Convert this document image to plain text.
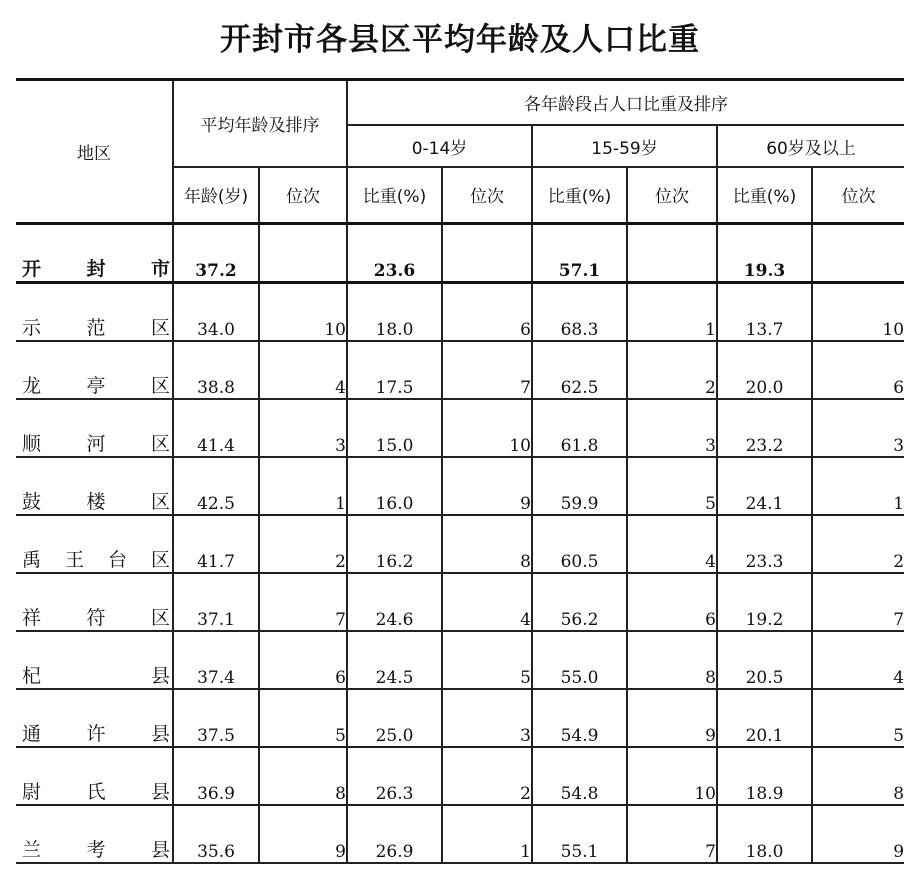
开封市各县区平均年龄及人口比重
地区	平均年龄及排序		各年龄段占人口比重及排序					
			0-14岁		15-59岁		60岁及以上	
	年龄(岁)	位次	比重(%)	位次	比重(%)	位次	比重(%)	位次

开 封 市	37.2		23.6		57.1		19.3	

示 范 区	34.0	10	18.0	6	68.3	1	13.7	10

龙 亭 区	38.8	4	17.5	7	62.5	2	20.0	6

顺 河 区	41.4	3	15.0	10	61.8	3	23.2	3

鼓 楼 区	42.5	1	16.0	9	59.9	5	24.1	1

禹 王 台 区	41.7	2	16.2	8	60.5	4	23.3	2

祥 符 区	37.1	7	24.6	4	56.2	6	19.2	7

杞 县	37.4	6	24.5	5	55.0	8	20.5	4

通 许 县	37.5	5	25.0	3	54.9	9	20.1	5

尉 氏 县	36.9	8	26.3	2	54.8	10	18.9	8

兰 考 县	35.6	9	26.9	1	55.1	7	18.0	9
